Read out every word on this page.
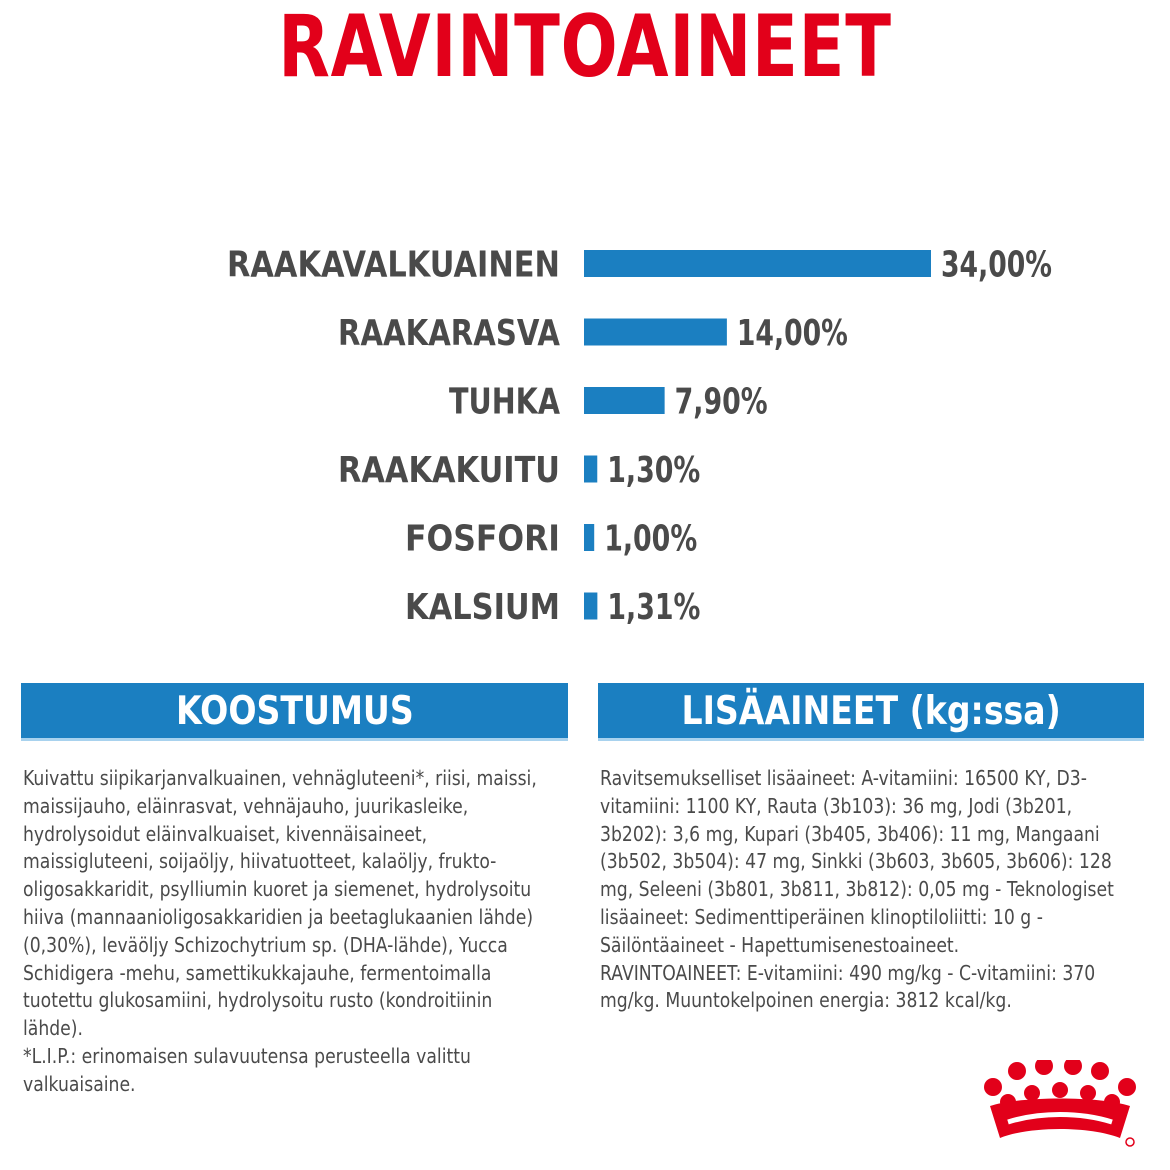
RAVINTOAINEET
RAAKAVALKUAINEN	34,00%
RAAKARASVA	14,00%
TUHKA	7,90%
RAAKAKUITU 1,30%
FOSFORI 1,00%
KALSIUM 1,31%
KOOSTUMUS	LISÄAINEET (kg:ssa)
Kuivattu siipikarjanvalkuainen, vehnägluteeni*, riisi, maissi,
maissijauho, eläinrasvat, vehnäjauho, juurikasleike,
hydrolysoidut eläinvalkuaiset, kivennäisaineet,
maissigluteeni, soijaöljy, hiivatuotteet, kalaöljy, frukto-
oligosakkaridit, psylliumin kuoret ja siemenet, hydrolysoitu
hiiva (mannaanioligosakkaridien ja beetaglukaanien lähde)
(0,30%), leväöljy Schizochytrium sp. (DHA-lähde), Yucca
Schidigera -mehu, samettikukkajauhe, fermentoimalla
tuotettu glukosamiini, hydrolysoitu rusto (kondroitiinin
lähde).
*L.I.P.: erinomaisen sulavuutensa perusteella valittu
valkuaisaine.
Ravitsemukselliset lisäaineet: A-vitamiini: 16500 KY, D3-
vitamiini: 1100 KY, Rauta (3b103): 36 mg, Jodi (3b201,
3b202): 3,6 mg, Kupari (3b405, 3b406): 11 mg, Mangaani
(3b502, 3b504): 47 mg, Sinkki (3b603, 3b605, 3b606): 128
mg, Seleeni (3b801, 3b811, 3b812): 0,05 mg - Teknologiset
lisäaineet: Sedimenttiperäinen klinoptiloliitti: 10 g -
Säilöntäaineet - Hapettumisenestoaineet.
RAVINTOAINEET: E-vitamiini: 490 mg/kg - C-vitamiini: 370
mg/kg. Muuntokelpoinen energia: 3812 kcal/kg.
